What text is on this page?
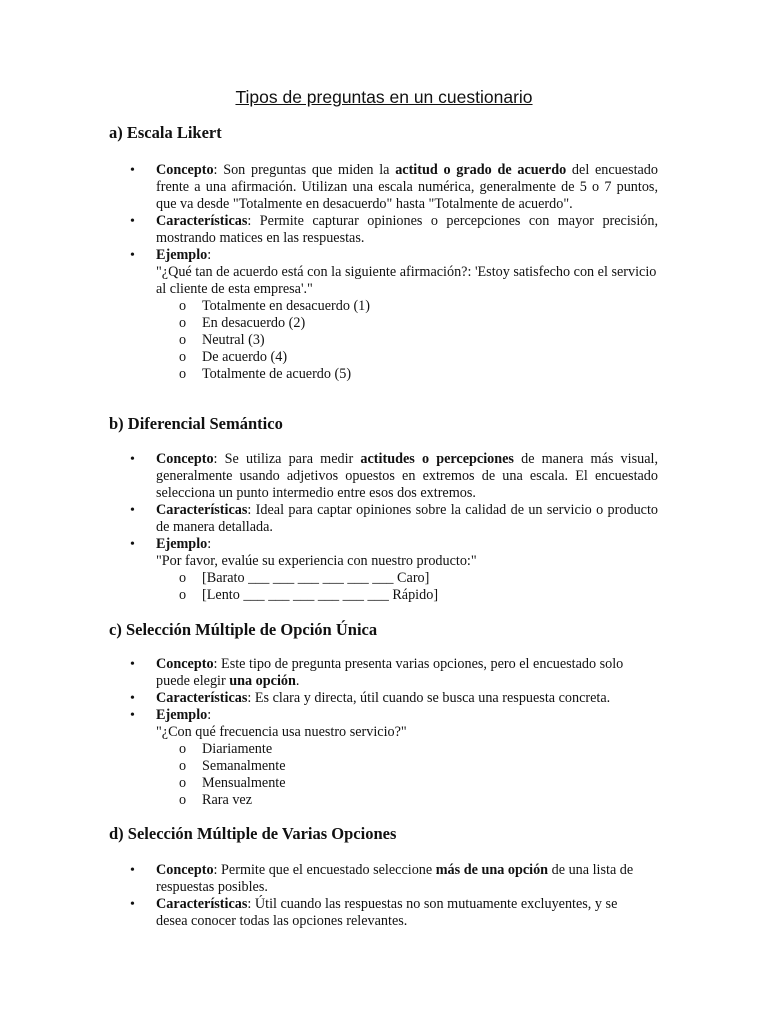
Tipos de preguntas en un cuestionario
a) Escala Likert
• Concepto: Son preguntas que miden la actitud o grado de acuerdo del encuestado frente a una afirmación. Utilizan una escala numérica, generalmente de 5 o 7 puntos, que va desde "Totalmente en desacuerdo" hasta "Totalmente de acuerdo".
• Características: Permite capturar opiniones o percepciones con mayor precisión, mostrando matices en las respuestas.
• Ejemplo:
"¿Qué tan de acuerdo está con la siguiente afirmación?: 'Estoy satisfecho con el servicio al cliente de esta empresa'."
o Totalmente en desacuerdo (1)
o En desacuerdo (2)
o Neutral (3)
o De acuerdo (4)
o Totalmente de acuerdo (5)
b) Diferencial Semántico
• Concepto: Se utiliza para medir actitudes o percepciones de manera más visual, generalmente usando adjetivos opuestos en extremos de una escala. El encuestado selecciona un punto intermedio entre esos dos extremos.
• Características: Ideal para captar opiniones sobre la calidad de un servicio o producto de manera detallada.
• Ejemplo:
"Por favor, evalúe su experiencia con nuestro producto:"
o [Barato ___ ___ ___ ___ ___ ___ Caro]
o [Lento ___ ___ ___ ___ ___ ___ Rápido]
c) Selección Múltiple de Opción Única
• Concepto: Este tipo de pregunta presenta varias opciones, pero el encuestado solo puede elegir una opción.
• Características: Es clara y directa, útil cuando se busca una respuesta concreta.
• Ejemplo:
"¿Con qué frecuencia usa nuestro servicio?"
o Diariamente
o Semanalmente
o Mensualmente
o Rara vez
d) Selección Múltiple de Varias Opciones
• Concepto: Permite que el encuestado seleccione más de una opción de una lista de respuestas posibles.
• Características: Útil cuando las respuestas no son mutuamente excluyentes, y se desea conocer todas las opciones relevantes.
